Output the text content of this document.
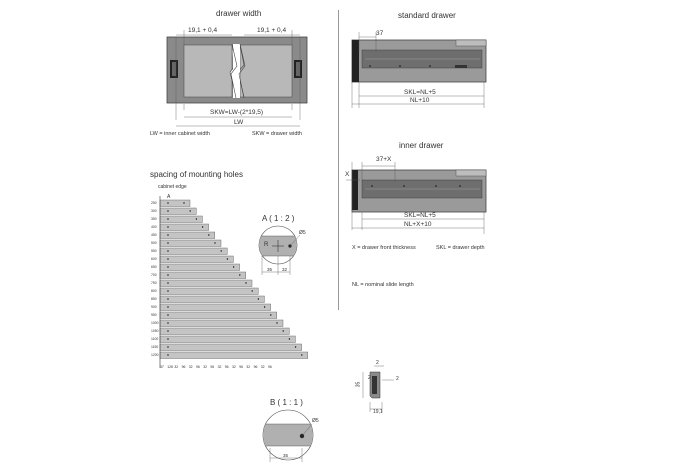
drawer width
19,1 + 0,4	19,1 + 0,4
SKW=LW-(2*19,5)
LW
LW = inner cabinet width	SKW = drawer width
standard drawer
37
SKL=NL+5
NL+10
inner drawer
37+X
X
SKL=NL+5
NL+X+10
X = drawer front thickness	SKL = drawer depth
NL = nominal slide length
spacing of mounting holes
cabinet edge
A
250
300
350
400
450
500
550
600
650
700
750
800
850
900
950
1000
1050
1100
1150
1200
37 128 32 96 32 96 32 96 32 96 32 96 32 96 32 96
A ( 1 : 2 )
R
Ø5
35 32
B ( 1 : 1 )
Ø5
35
2
2	2
35
19,1
